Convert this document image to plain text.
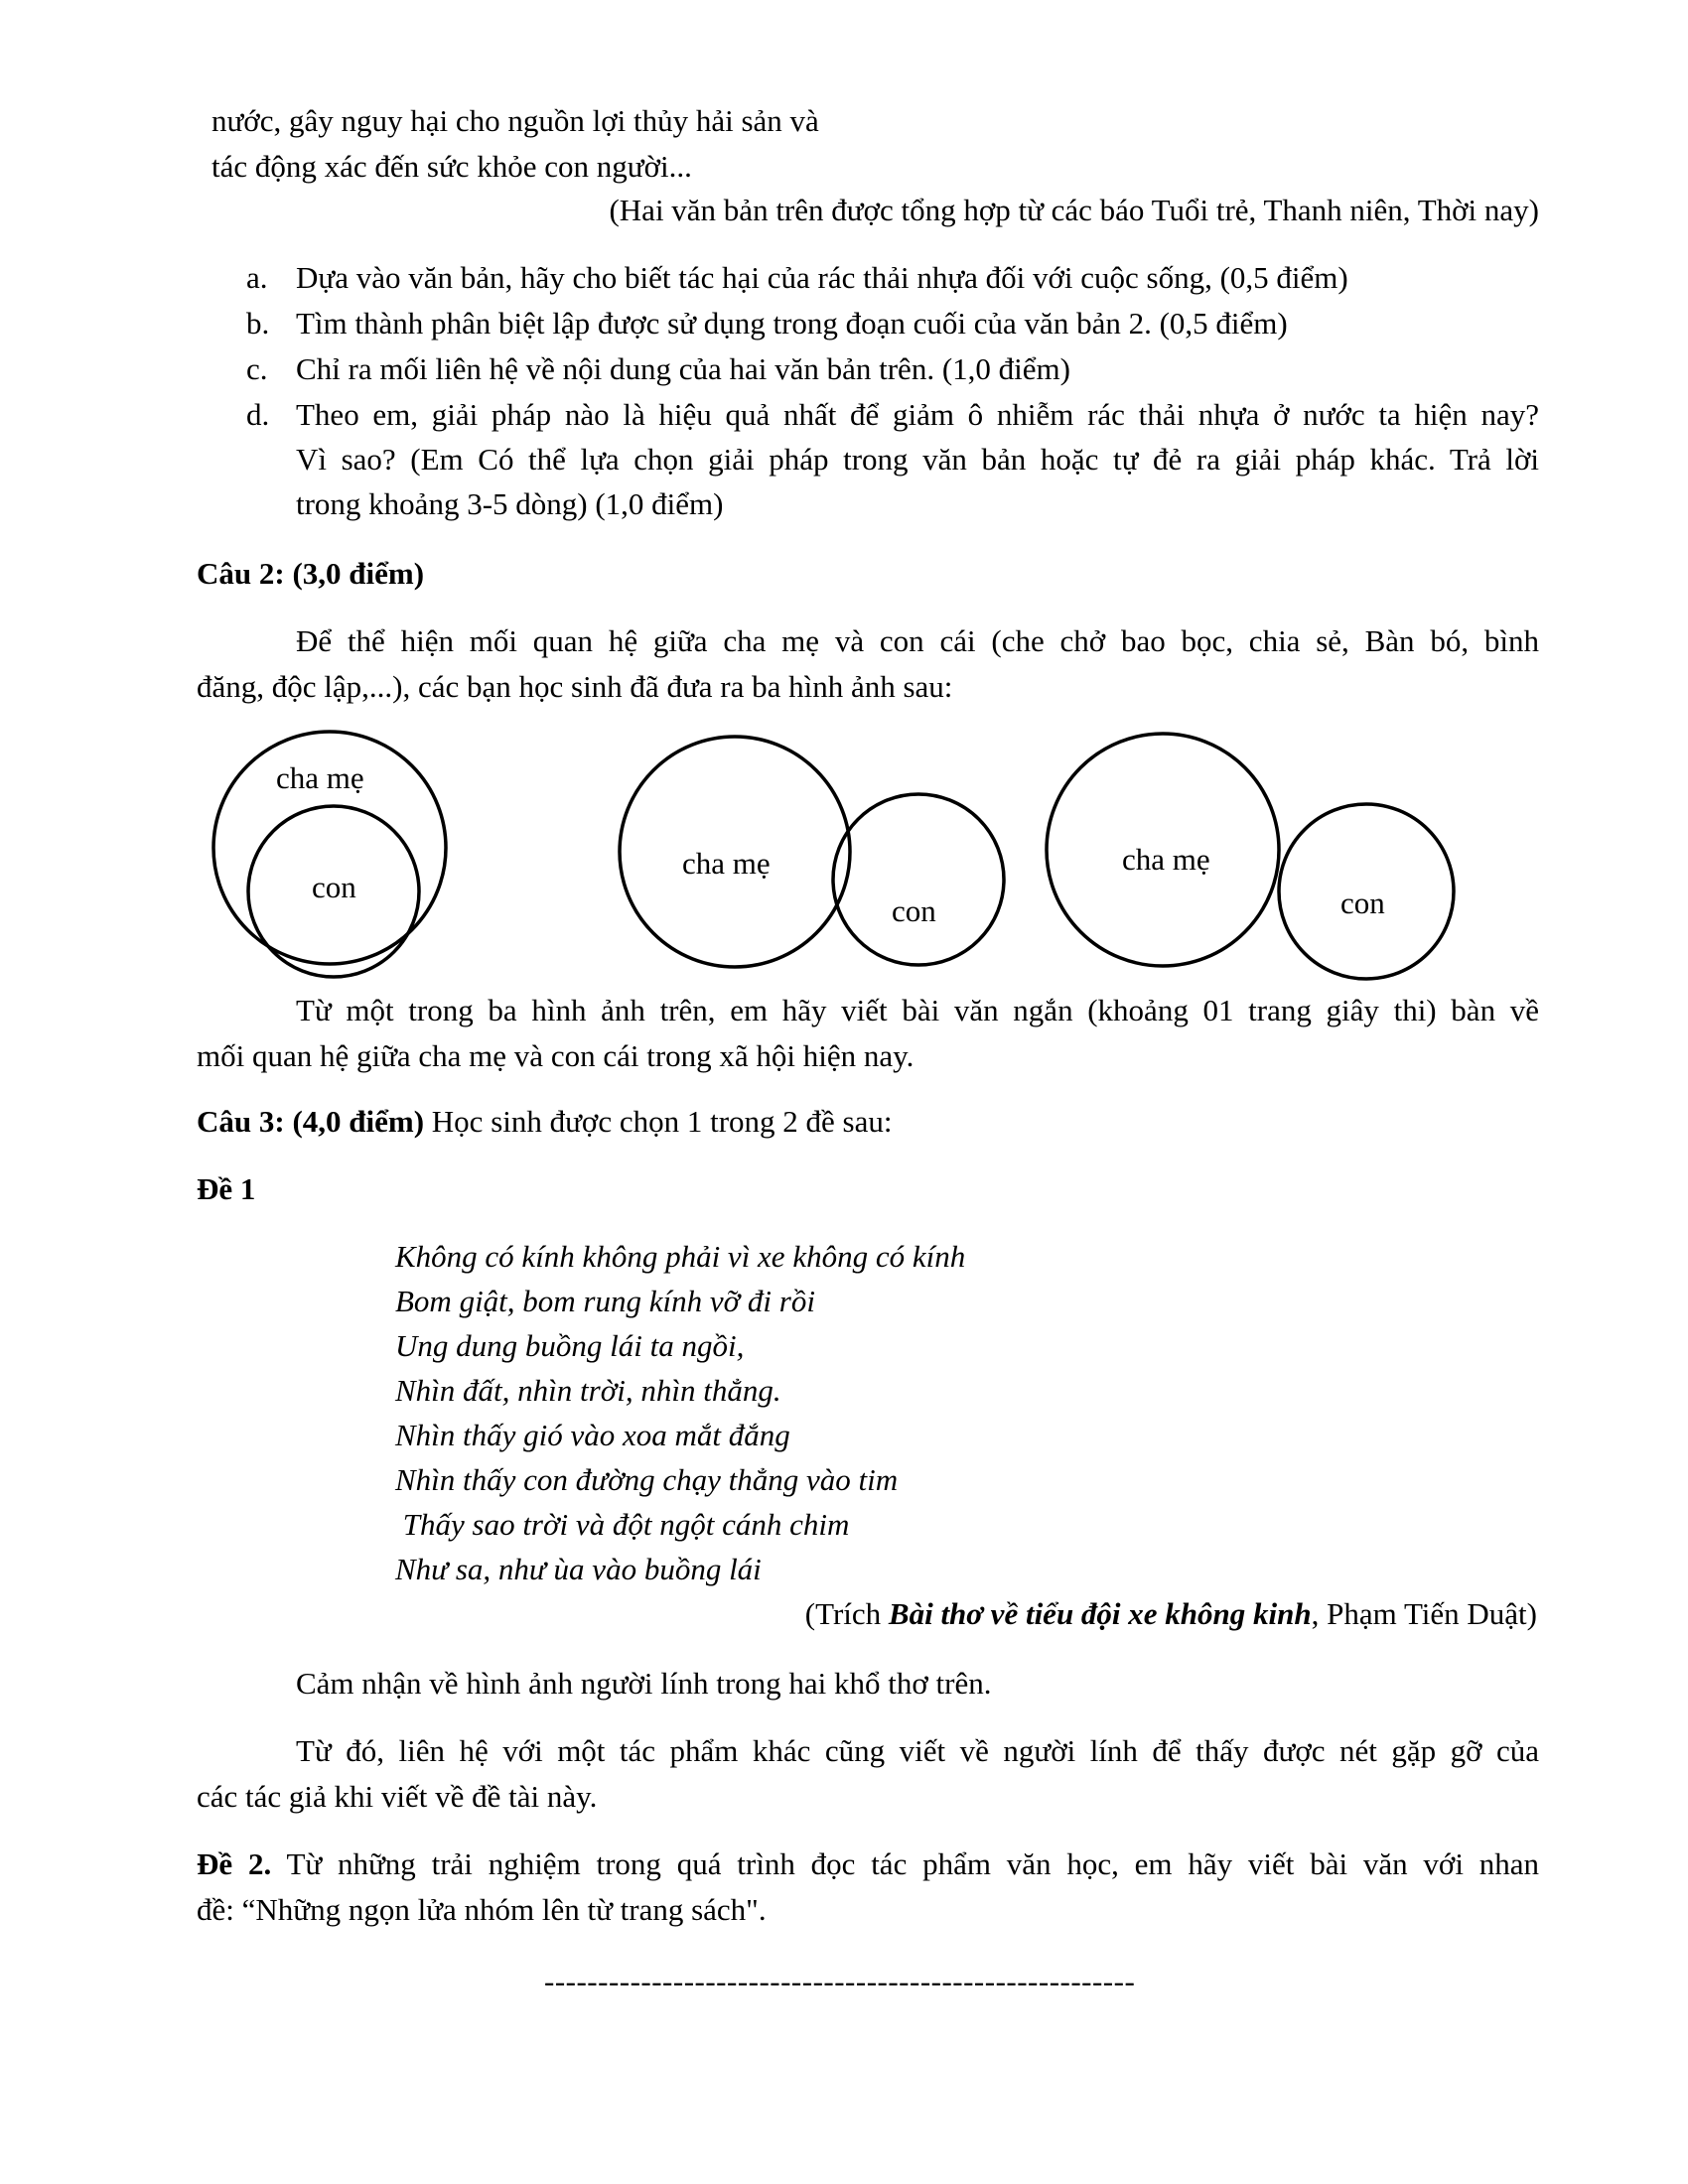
nước, gây nguy hại cho nguồn lợi thủy hải sản và
tác động xác đến sức khỏe con người...
(Hai văn bản trên được tổng hợp từ các báo Tuổi trẻ, Thanh niên, Thời nay)
a. Dựa vào văn bản, hãy cho biết tác hại của rác thải nhựa đối với cuộc sống, (0,5 điểm)
b. Tìm thành phân biệt lập được sử dụng trong đoạn cuối của văn bản 2. (0,5 điểm)
c. Chỉ ra mối liên hệ về nội dung của hai văn bản trên. (1,0 điểm)
d. Theo em, giải pháp nào là hiệu quả nhất để giảm ô nhiễm rác thải nhựa ở nước ta hiện nay?
Vì sao? (Em Có thể lựa chọn giải pháp trong văn bản hoặc tự đẻ ra giải pháp khác. Trả lời
trong khoảng 3-5 dòng) (1,0 điểm)
Câu 2: (3,0 điểm)
Để thể hiện mối quan hệ giữa cha mẹ và con cái (che chở bao bọc, chia sẻ, Bàn bó, bình
đăng, độc lập,...), các bạn học sinh đã đưa ra ba hình ảnh sau:
cha mẹ
con
cha mẹ
con
cha mẹ
con
Từ một trong ba hình ảnh trên, em hãy viết bài văn ngắn (khoảng 01 trang giây thi) bàn về
mối quan hệ giữa cha mẹ và con cái trong xã hội hiện nay.
Câu 3: (4,0 điểm) Học sinh được chọn 1 trong 2 đề sau:
Đề 1
Không có kính không phải vì xe không có kính
Bom giật, bom rung kính vỡ đi rồi
Ung dung buồng lái ta ngồi,
Nhìn đất, nhìn trời, nhìn thẳng.
Nhìn thấy gió vào xoa mắt đắng
Nhìn thấy con đường chạy thẳng vào tim
Thấy sao trời và đột ngột cánh chim
Như sa, như ùa vào buồng lái
(Trích Bài thơ về tiểu đội xe không kinh, Phạm Tiến Duật)
Cảm nhận về hình ảnh người lính trong hai khổ thơ trên.
Từ đó, liên hệ với một tác phẩm khác cũng viết về người lính để thấy được nét gặp gỡ của
các tác giả khi viết về đề tài này.
Đề 2. Từ những trải nghiệm trong quá trình đọc tác phẩm văn học, em hãy viết bài văn với nhan
đề: “Những ngọn lửa nhóm lên từ trang sách".
-------------------------------------------------------
